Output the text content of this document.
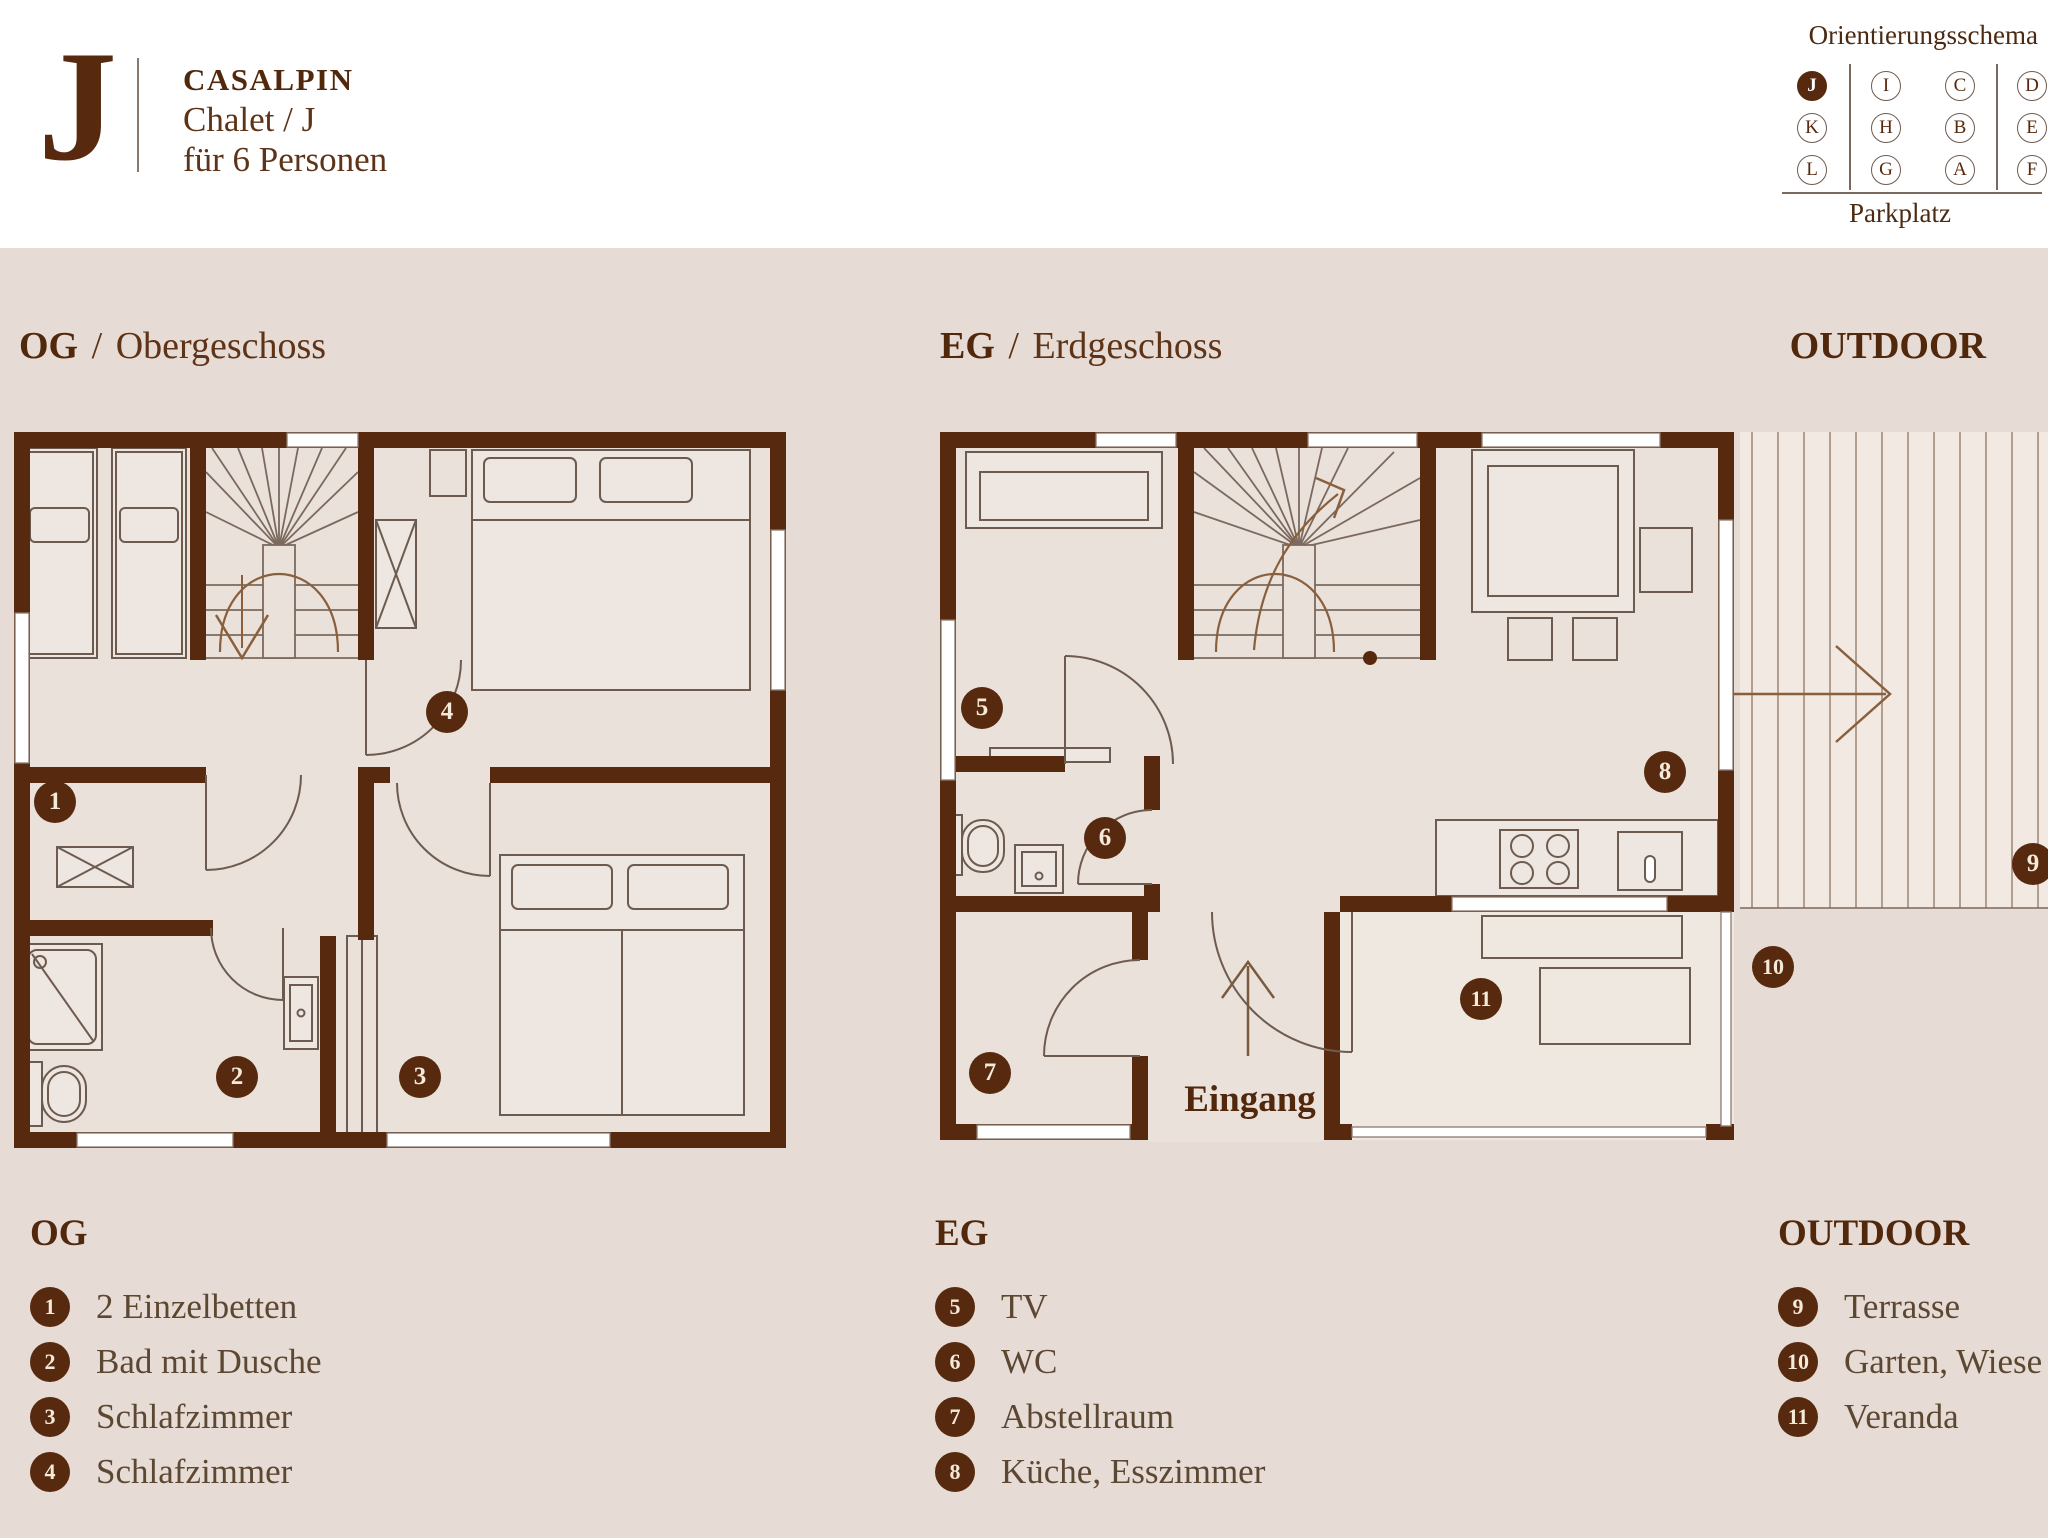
J CASALPIN
Chalet / J
für 6 Personen
Orientierungsschema
J	I	C	D
K	H	B	E
L	G	A	F
Parkplatz
OG / Obergeschoss	EG / Erdgeschoss	OUTDOOR
1
2	3
4	5
6
7
8
9
10
11
Eingang
OG
1	2 Einzelbetten
2	Bad mit Dusche
3	Schlafzimmer
4	Schlafzimmer
EG
5	TV
6	WC
7	Abstellraum
8	Küche, Esszimmer
OUTDOOR
9	Terrasse
10 Garten, Wiese
11 Veranda
